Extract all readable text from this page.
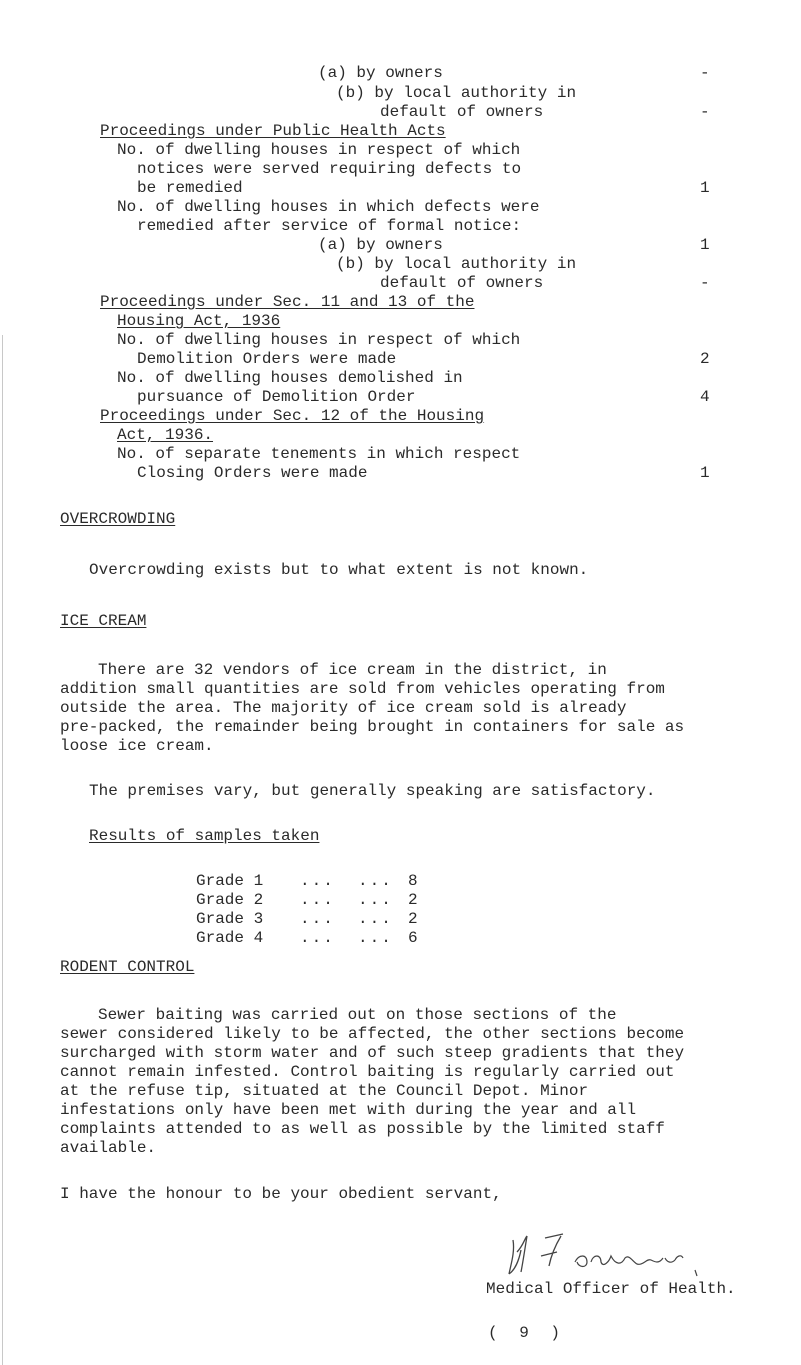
(a) by owners	-
(b) by local authority in
default of owners	-
Proceedings under Public Health Acts
No. of dwelling houses in respect of which
notices were served requiring defects to
be remedied	1
No. of dwelling houses in which defects were
remedied after service of formal notice:
(a) by owners	1
(b) by local authority in
default of owners	-
Proceedings under Sec. 11 and 13 of the
Housing Act, 1936
No. of dwelling houses in respect of which
Demolition Orders were made	2
No. of dwelling houses demolished in
pursuance of Demolition Order	4
Proceedings under Sec. 12 of the Housing
Act, 1936.
No. of separate tenements in which respect
Closing Orders were made	1
OVERCROWDING
Overcrowding exists but to what extent is not known.
ICE CREAM
There are 32 vendors of ice cream in the district, in
addition small quantities are sold from vehicles operating from
outside the area. The majority of ice cream sold is already
pre-packed, the remainder being brought in containers for sale as
loose ice cream.
The premises vary, but generally speaking are satisfactory.
Results of samples taken
Grade 1 ...  ... 8
Grade 2 ...  ... 2
Grade 3 ...  ... 2
Grade 4 ...  ... 6
RODENT CONTROL
Sewer baiting was carried out on those sections of the
sewer considered likely to be affected, the other sections become
surcharged with storm water and of such steep gradients that they
cannot remain infested. Control baiting is regularly carried out
at the refuse tip, situated at the Council Depot. Minor
infestations only have been met with during the year and all
complaints attended to as well as possible by the limited staff
available.
I have the honour to be your obedient servant,
Medical Officer of Health.
( 9 )
